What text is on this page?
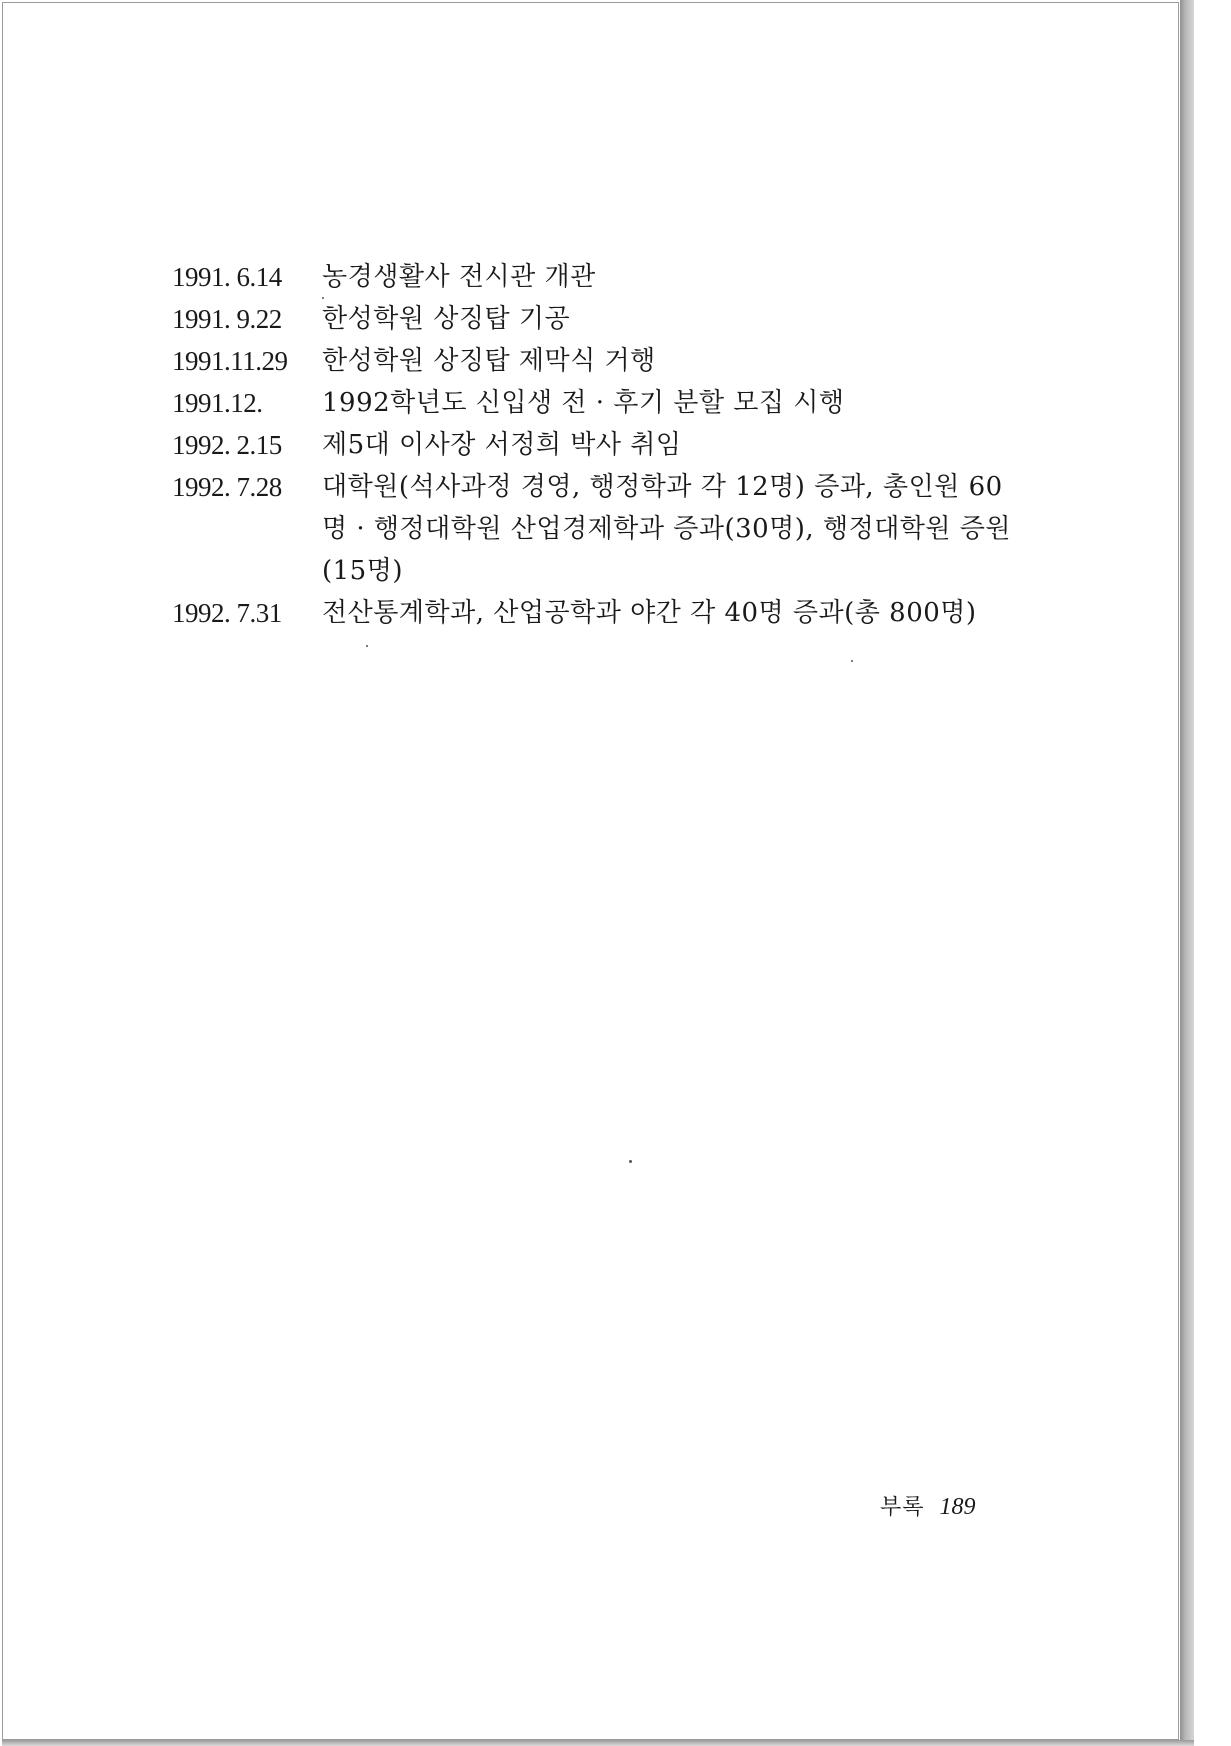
1991. 6.14	농경생활사 전시관 개관
1991. 9.22	한성학원 상징탑 기공
1991.11.29	한성학원 상징탑 제막식 거행
1991.12.	1992학년도 신입생 전 · 후기 분할 모집 시행
1992. 2.15	제5대 이사장 서정희 박사 취임
1992. 7.28	대학원(석사과정 경영, 행정학과 각 12명) 증과, 총인원 60명 · 행정대학원 산업경제학과 증과(30명), 행정대학원 증원(15명)
1992. 7.31	전산통계학과, 산업공학과 야간 각 40명 증과(총 800명)
부록 189
